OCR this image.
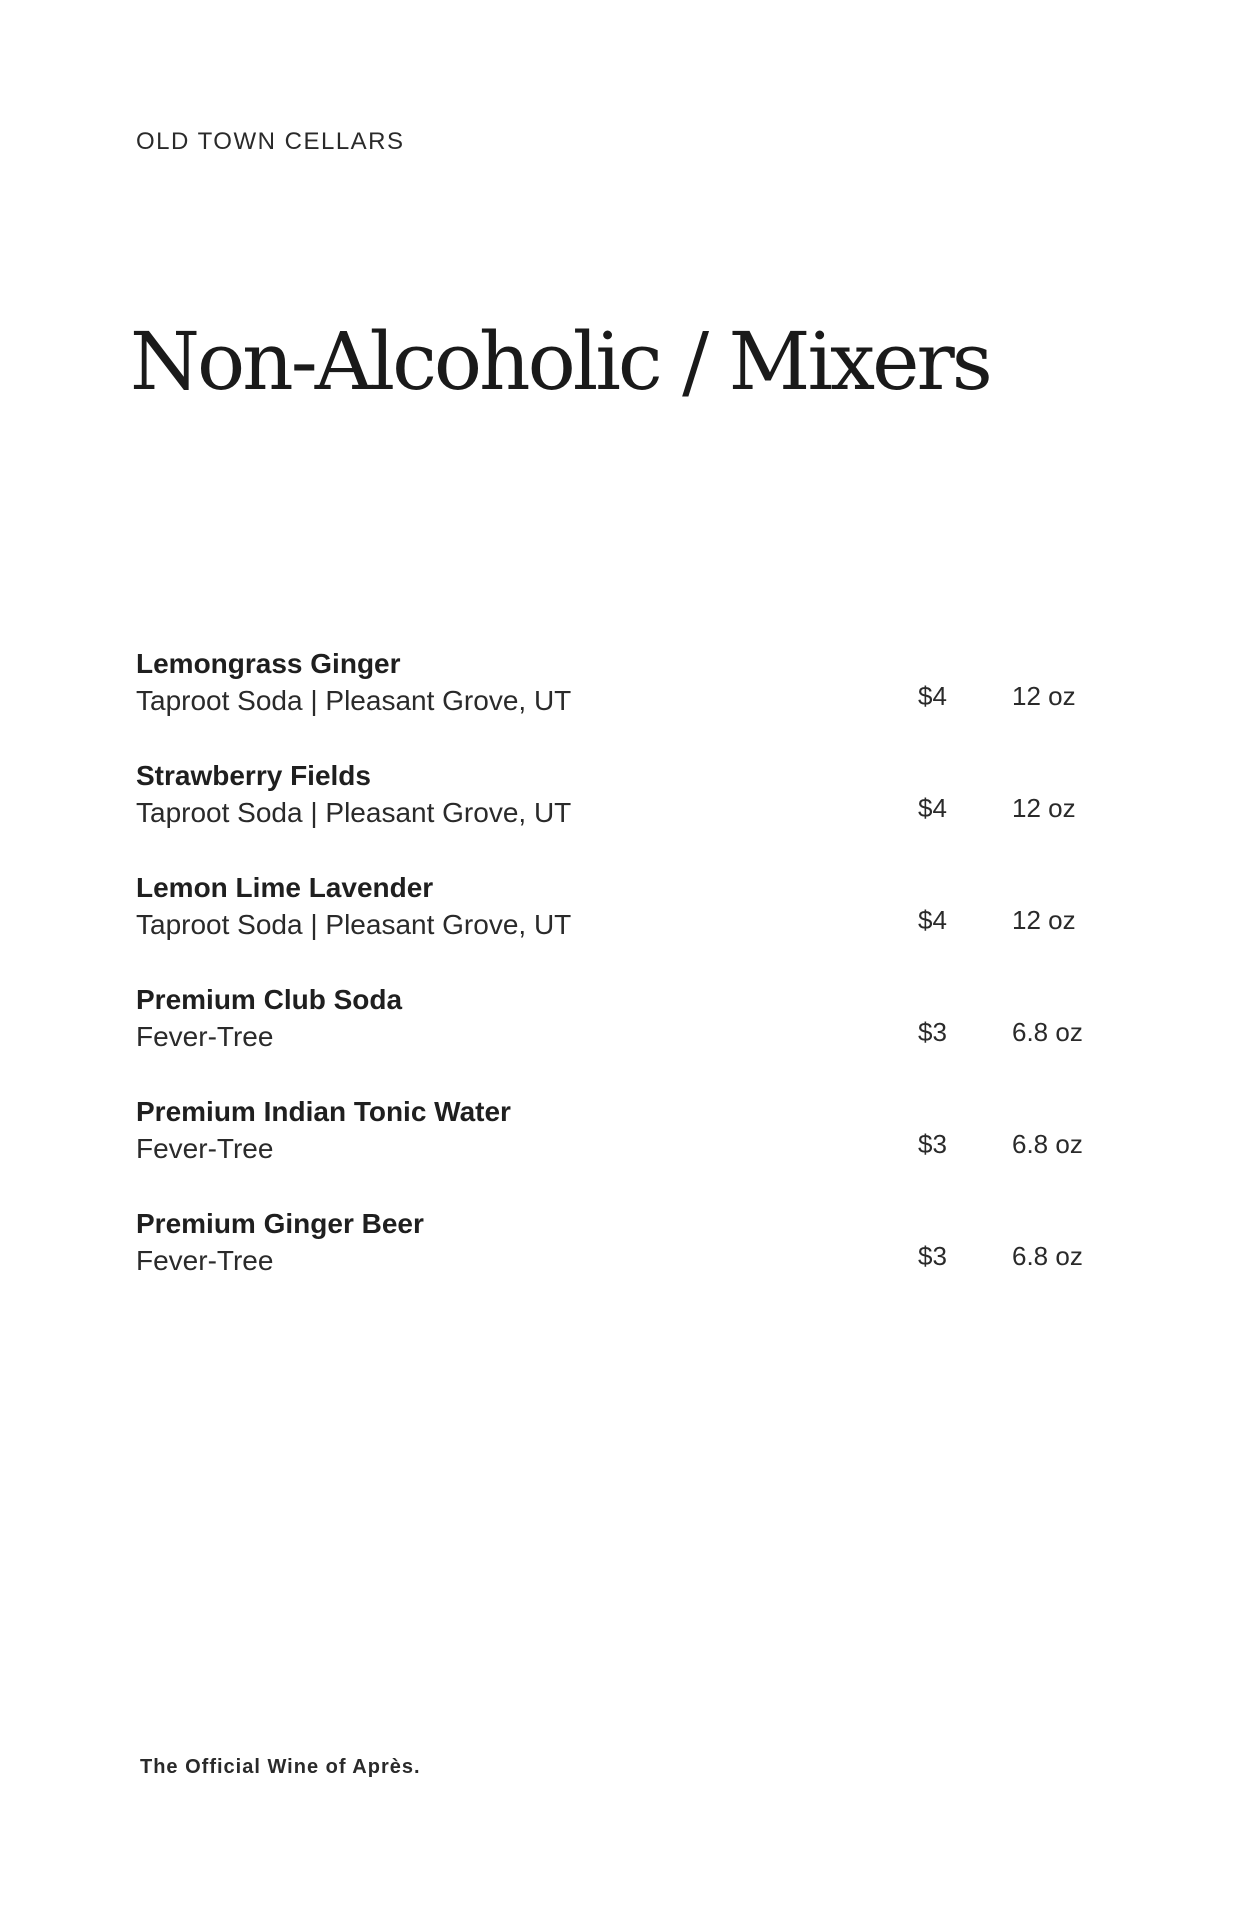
OLD TOWN CELLARS
Non-Alcoholic / Mixers
Lemongrass Ginger
Taproot Soda | Pleasant Grove, UT	$4	12 oz
Strawberry Fields
Taproot Soda | Pleasant Grove, UT	$4	12 oz
Lemon Lime Lavender
Taproot Soda | Pleasant Grove, UT	$4	12 oz
Premium Club Soda
Fever-Tree	$3	6.8 oz
Premium Indian Tonic Water
Fever-Tree	$3	6.8 oz
Premium Ginger Beer
Fever-Tree	$3	6.8 oz
The Official Wine of Après.
